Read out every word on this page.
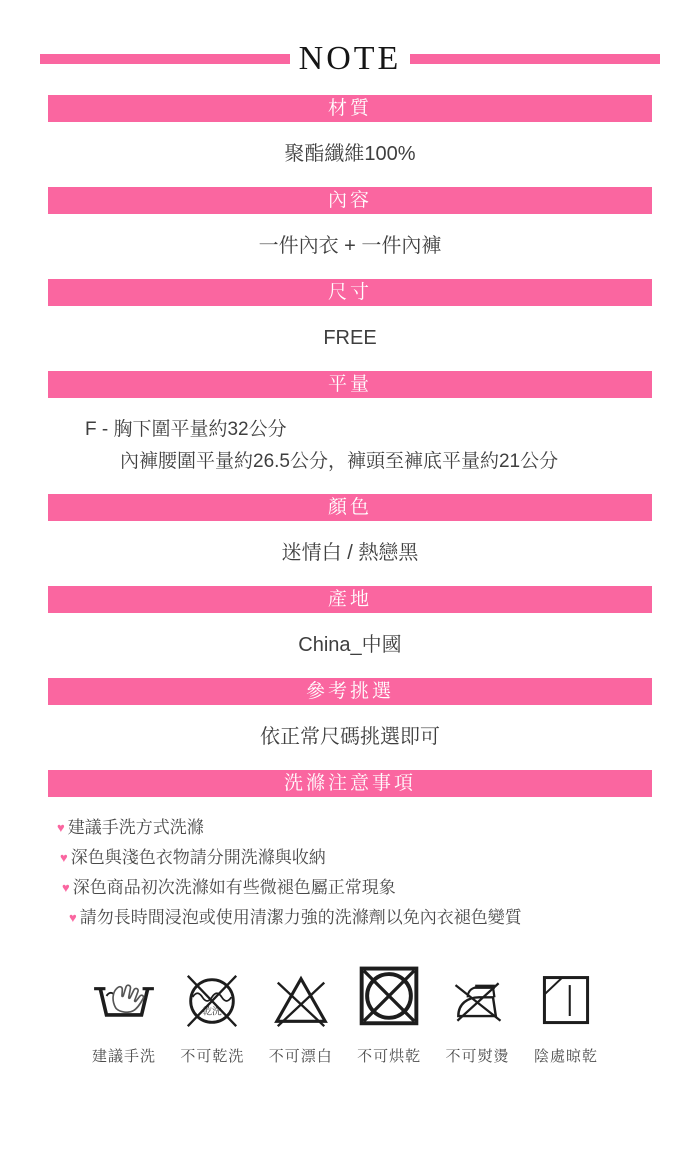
NOTE
材質

聚酯纖維100%

內容

一件內衣 + 一件內褲

尺寸

FREE

平量

F - 胸下圍平量約32公分

內褲腰圍平量約26.5公分，褲頭至褲底平量約21公分

顏色

迷情白 / 熱戀黑

產地

China_中國

參考挑選

依正常尺碼挑選即可

洗滌注意事項
♥ 建議手洗方式洗滌
♥ 深色與淺色衣物請分開洗滌與收納
♥ 深色商品初次洗滌如有些微褪色屬正常現象
♥ 請勿長時間浸泡或使用清潔力強的洗滌劑以免內衣褪色變質
建議手洗
乾洗
不可乾洗 不可漂白 不可烘乾 不可熨燙 陰處晾乾
